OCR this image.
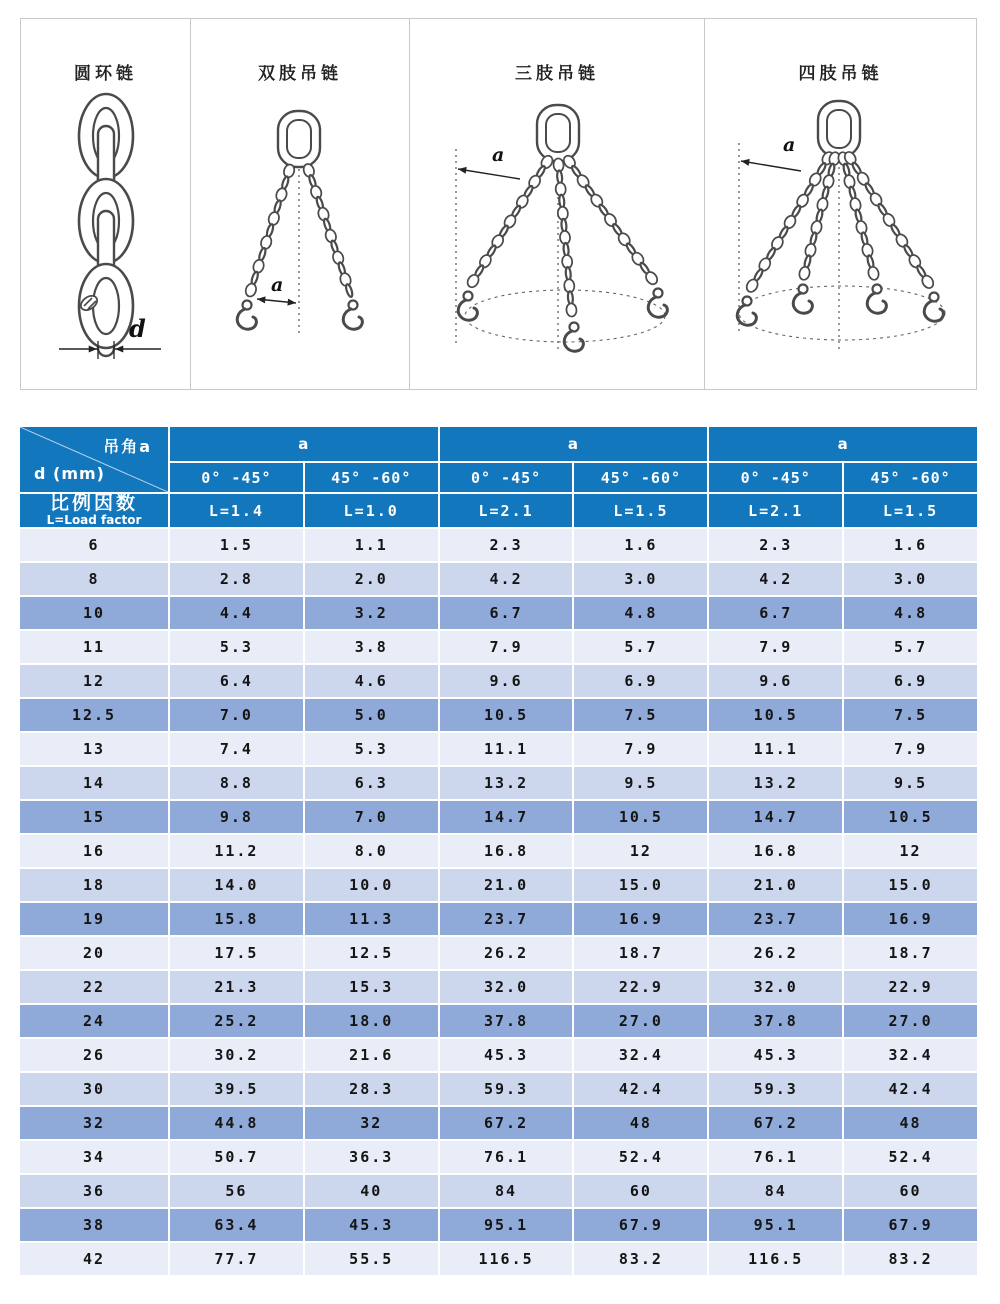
圆环链
d
双肢吊链
a
三肢吊链
a
四肢吊链
a
吊角a
d (mm)
a	a	a
0° -45°	45° -60°	0° -45°	45° -60°	0° -45°	45° -60°
比例因数
L=Load factor
L=1.4	L=1.0	L=2.1	L=1.5	L=2.1	L=1.5
6	1.5	1.1	2.3	1.6	2.3	1.6
8	2.8	2.0	4.2	3.0	4.2	3.0
10	4.4	3.2	6.7	4.8	6.7	4.8
11	5.3	3.8	7.9	5.7	7.9	5.7
12	6.4	4.6	9.6	6.9	9.6	6.9
12.5	7.0	5.0	10.5	7.5	10.5	7.5
13	7.4	5.3	11.1	7.9	11.1	7.9
14	8.8	6.3	13.2	9.5	13.2	9.5
15	9.8	7.0	14.7	10.5	14.7	10.5
16	11.2	8.0	16.8	12	16.8	12
18	14.0	10.0	21.0	15.0	21.0	15.0
19	15.8	11.3	23.7	16.9	23.7	16.9
20	17.5	12.5	26.2	18.7	26.2	18.7
22	21.3	15.3	32.0	22.9	32.0	22.9
24	25.2	18.0	37.8	27.0	37.8	27.0
26	30.2	21.6	45.3	32.4	45.3	32.4
30	39.5	28.3	59.3	42.4	59.3	42.4
32	44.8	32	67.2	48	67.2	48
34	50.7	36.3	76.1	52.4	76.1	52.4
36	56	40	84	60	84	60
38	63.4	45.3	95.1	67.9	95.1	67.9
42	77.7	55.5	116.5	83.2	116.5	83.2
